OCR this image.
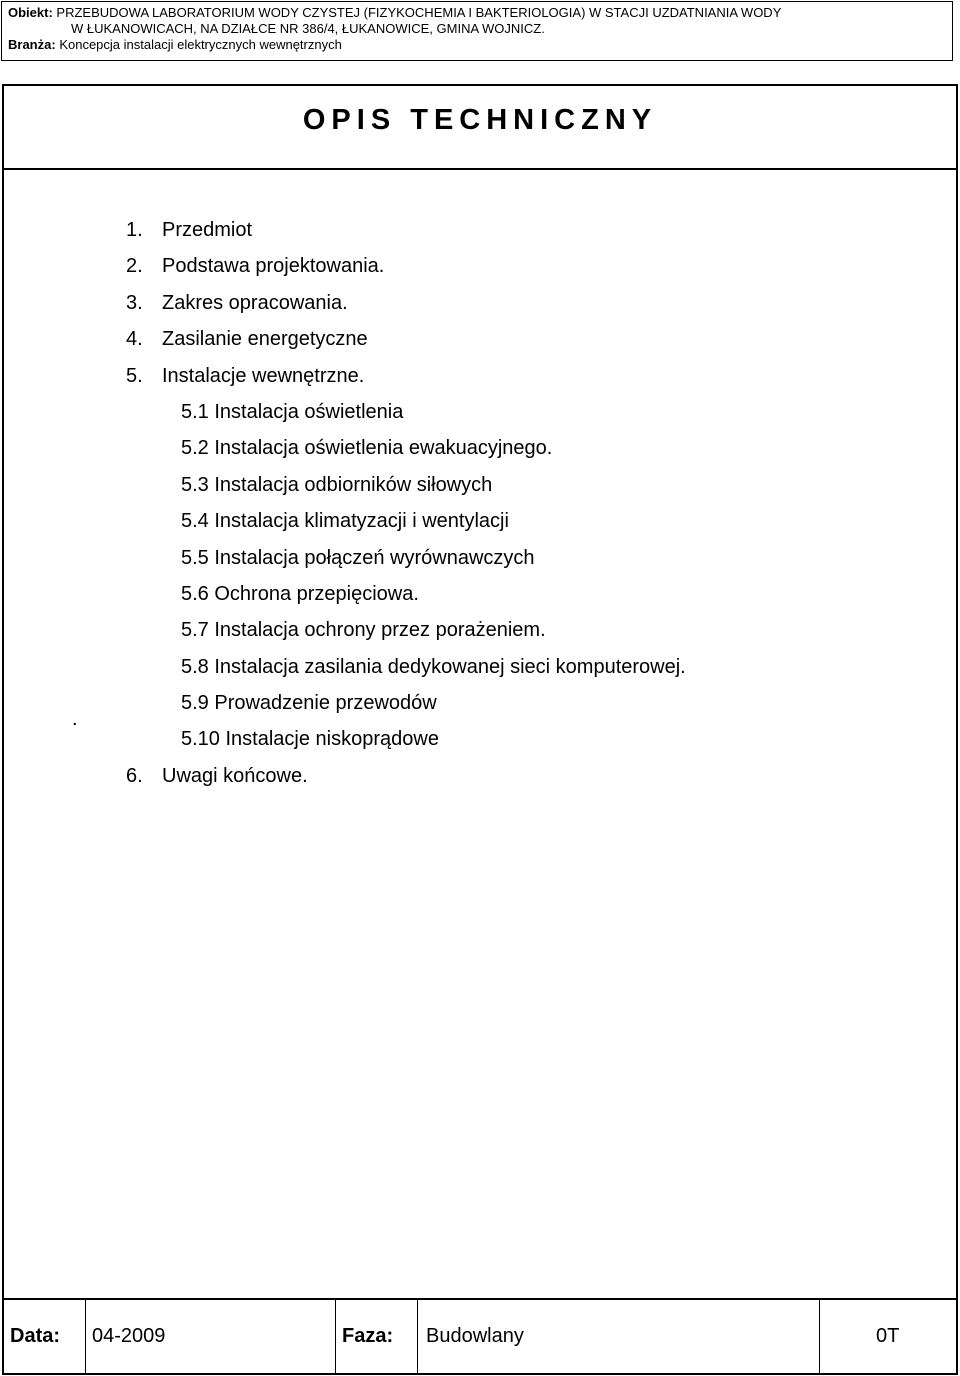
Obiekt: PRZEBUDOWA LABORATORIUM WODY CZYSTEJ (FIZYKOCHEMIA I BAKTERIOLOGIA) W STACJI UZDATNIANIA WODY
W ŁUKANOWICACH, NA DZIAŁCE NR 386/4, ŁUKANOWICE, GMINA WOJNICZ.
Branża: Koncepcja instalacji elektrycznych wewnętrznych
OPIS TECHNICZNY
.
1. Przedmiot
2. Podstawa projektowania.
3. Zakres opracowania.
4. Zasilanie energetyczne
5. Instalacje wewnętrzne.
5.1 Instalacja oświetlenia
5.2 Instalacja oświetlenia ewakuacyjnego.
5.3 Instalacja odbiorników siłowych
5.4 Instalacja klimatyzacji i wentylacji
5.5 Instalacja połączeń wyrównawczych
5.6 Ochrona przepięciowa.
5.7 Instalacja ochrony przez porażeniem.
5.8 Instalacja zasilania dedykowanej sieci komputerowej.
5.9 Prowadzenie przewodów
5.10 Instalacje niskoprądowe
6. Uwagi końcowe.
Data:	04-2009	Faza:	Budowlany	0T
